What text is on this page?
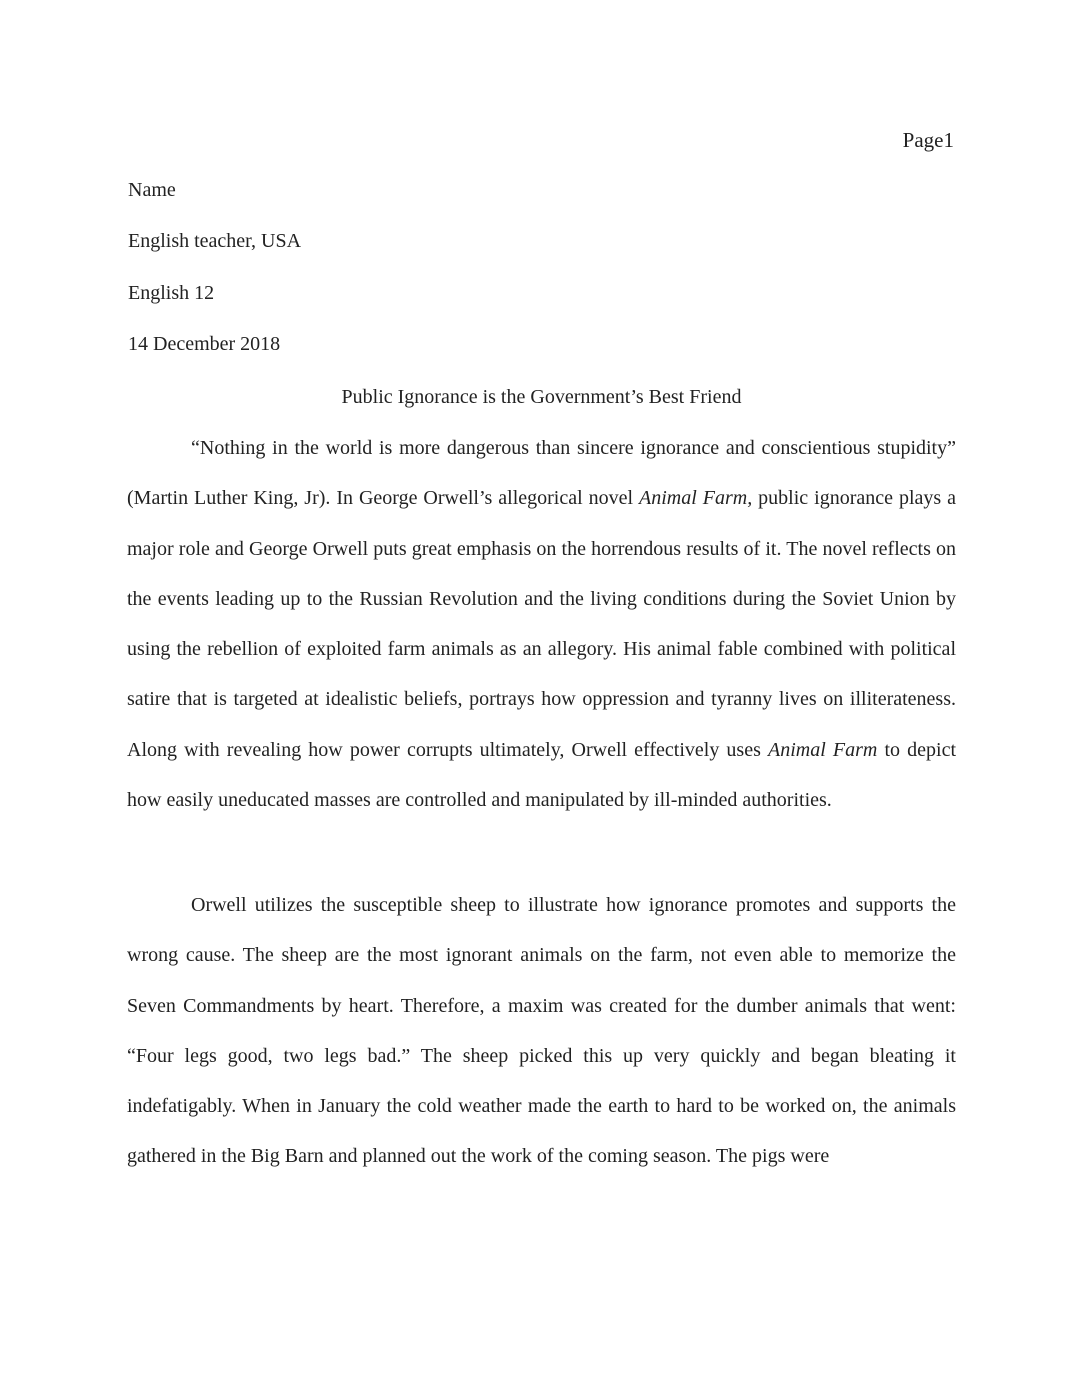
Page1
Name
English teacher, USA
English 12
14 December 2018
Public Ignorance is the Government’s Best Friend

“Nothing in the world is more dangerous than sincere ignorance and conscientious stupidity” (Martin Luther King, Jr). In George Orwell’s allegorical novel Animal Farm, public ignorance plays a major role and George Orwell puts great emphasis on the horrendous results of it. The novel reflects on the events leading up to the Russian Revolution and the living conditions during the Soviet Union by using the rebellion of exploited farm animals as an allegory. His animal fable combined with political satire that is targeted at idealistic beliefs, portrays how oppression and tyranny lives on illiterateness. Along with revealing how power corrupts ultimately, Orwell effectively uses Animal Farm to depict how easily uneducated masses are controlled and manipulated by ill-minded authorities.

Orwell utilizes the susceptible sheep to illustrate how ignorance promotes and supports the wrong cause. The sheep are the most ignorant animals on the farm, not even able to memorize the Seven Commandments by heart. Therefore, a maxim was created for the dumber animals that went: “Four legs good, two legs bad.” The sheep picked this up very quickly and began bleating it indefatigably. When in January the cold weather made the earth to hard to be worked on, the animals gathered in the Big Barn and planned out the work of the coming season. The pigs were
